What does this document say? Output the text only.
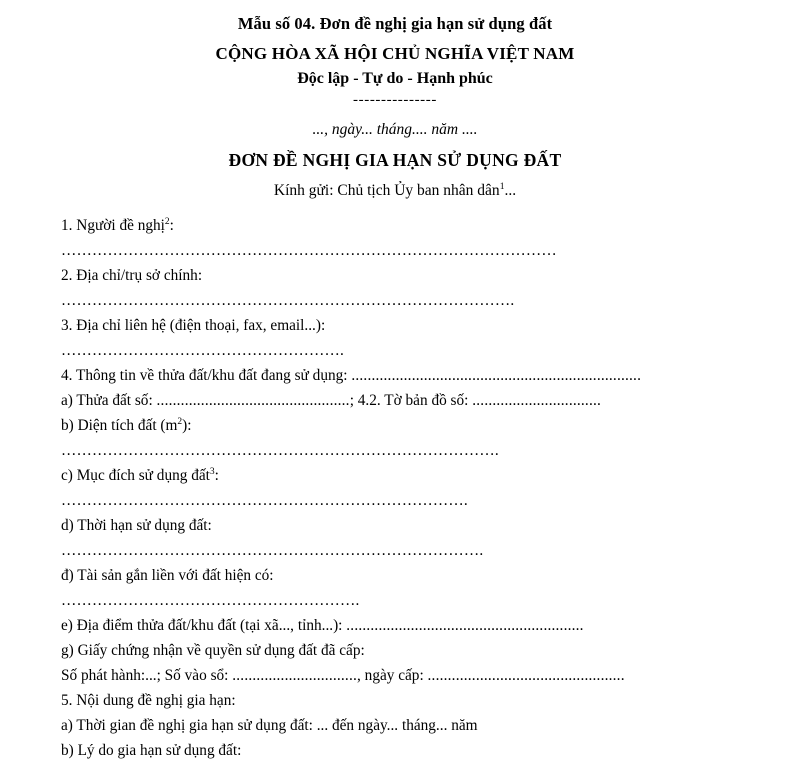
Mẫu số 04. Đơn đề nghị gia hạn sử dụng đất
CỘNG HÒA XÃ HỘI CHỦ NGHĨA VIỆT NAM
Độc lập - Tự do - Hạnh phúc
---------------
..., ngày... tháng.... năm ....
ĐƠN ĐỀ NGHỊ GIA HẠN SỬ DỤNG ĐẤT
Kính gửi: Chủ tịch Ủy ban nhân dân$^1$...
1. Người đề nghị$^2$:
……………………………………………………………………………………
2. Địa chỉ/trụ sở chính:
…………………………………………………………………………….
3. Địa chỉ liên hệ (điện thoại, fax, email...):
……………………………………………….
4. Thông tin về thửa đất/khu đất đang sử dụng: ........................................................................
a) Thửa đất số: ................................................; 4.2. Tờ bản đồ số: ................................
b) Diện tích đất $(m^2)$:
………………………………………………………………………….
c) Mục đích sử dụng đất$^3$:
…………………………………………………………………….
d) Thời hạn sử dụng đất:
……………………………………………………………………….
đ) Tài sản gắn liền với đất hiện có:
………………………………………………….
e) Địa điểm thửa đất/khu đất (tại xã..., tỉnh...): ...........................................................
g) Giấy chứng nhận về quyền sử dụng đất đã cấp:
Số phát hành:...; Số vào sổ: ..............................., ngày cấp: .................................................
5. Nội dung đề nghị gia hạn:
a) Thời gian đề nghị gia hạn sử dụng đất: ... đến ngày... tháng... năm
b) Lý do gia hạn sử dụng đất:
